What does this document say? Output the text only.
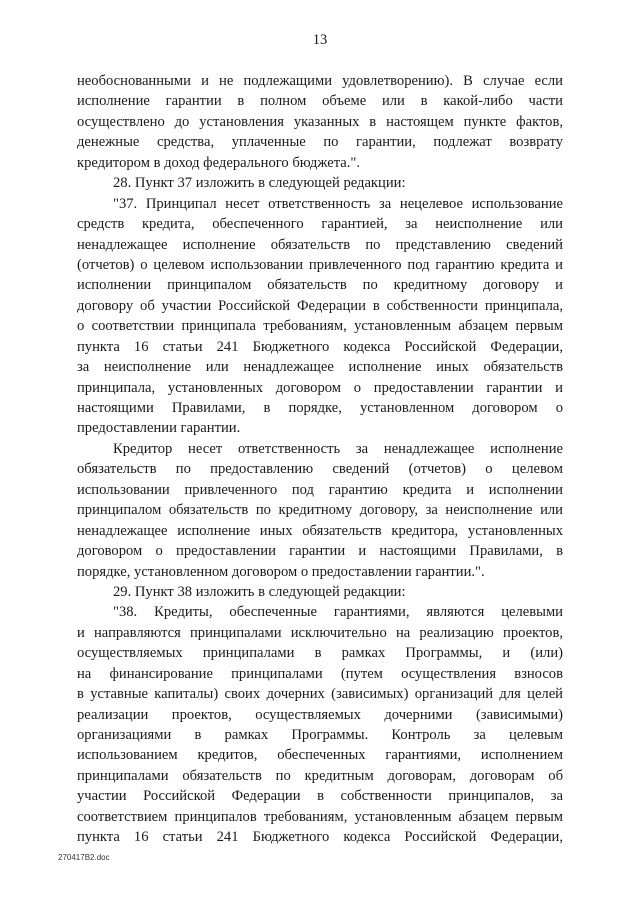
13
необоснованными и не подлежащими удовлетворению). В случае если
исполнение гарантии в полном объеме или в какой-либо части
осуществлено до установления указанных в настоящем пункте фактов,
денежные средства, уплаченные по гарантии, подлежат возврату
кредитором в доход федерального бюджета.".
28. Пункт 37 изложить в следующей редакции:
"37. Принципал несет ответственность за нецелевое использование
средств кредита, обеспеченного гарантией, за неисполнение или
ненадлежащее исполнение обязательств по представлению сведений
(отчетов) о целевом использовании привлеченного под гарантию кредита и
исполнении принципалом обязательств по кредитному договору и
договору об участии Российской Федерации в собственности принципала,
о соответствии принципала требованиям, установленным абзацем первым
пункта 16 статьи 241 Бюджетного кодекса Российской Федерации,
за неисполнение или ненадлежащее исполнение иных обязательств
принципала, установленных договором о предоставлении гарантии и
настоящими Правилами, в порядке, установленном договором о
предоставлении гарантии.
Кредитор несет ответственность за ненадлежащее исполнение
обязательств по предоставлению сведений (отчетов) о целевом
использовании привлеченного под гарантию кредита и исполнении
принципалом обязательств по кредитному договору, за неисполнение или
ненадлежащее исполнение иных обязательств кредитора, установленных
договором о предоставлении гарантии и настоящими Правилами, в
порядке, установленном договором о предоставлении гарантии.".
29. Пункт 38 изложить в следующей редакции:
"38. Кредиты, обеспеченные гарантиями, являются целевыми
и направляются принципалами исключительно на реализацию проектов,
осуществляемых принципалами в рамках Программы, и (или)
на финансирование принципалами (путем осуществления взносов
в уставные капиталы) своих дочерних (зависимых) организаций для целей
реализации проектов, осуществляемых дочерними (зависимыми)
организациями в рамках Программы. Контроль за целевым
использованием кредитов, обеспеченных гарантиями, исполнением
принципалами обязательств по кредитным договорам, договорам об
участии Российской Федерации в собственности принципалов, за
соответствием принципалов требованиям, установленным абзацем первым
пункта 16 статьи 241 Бюджетного кодекса Российской Федерации,
270417B2.doc
